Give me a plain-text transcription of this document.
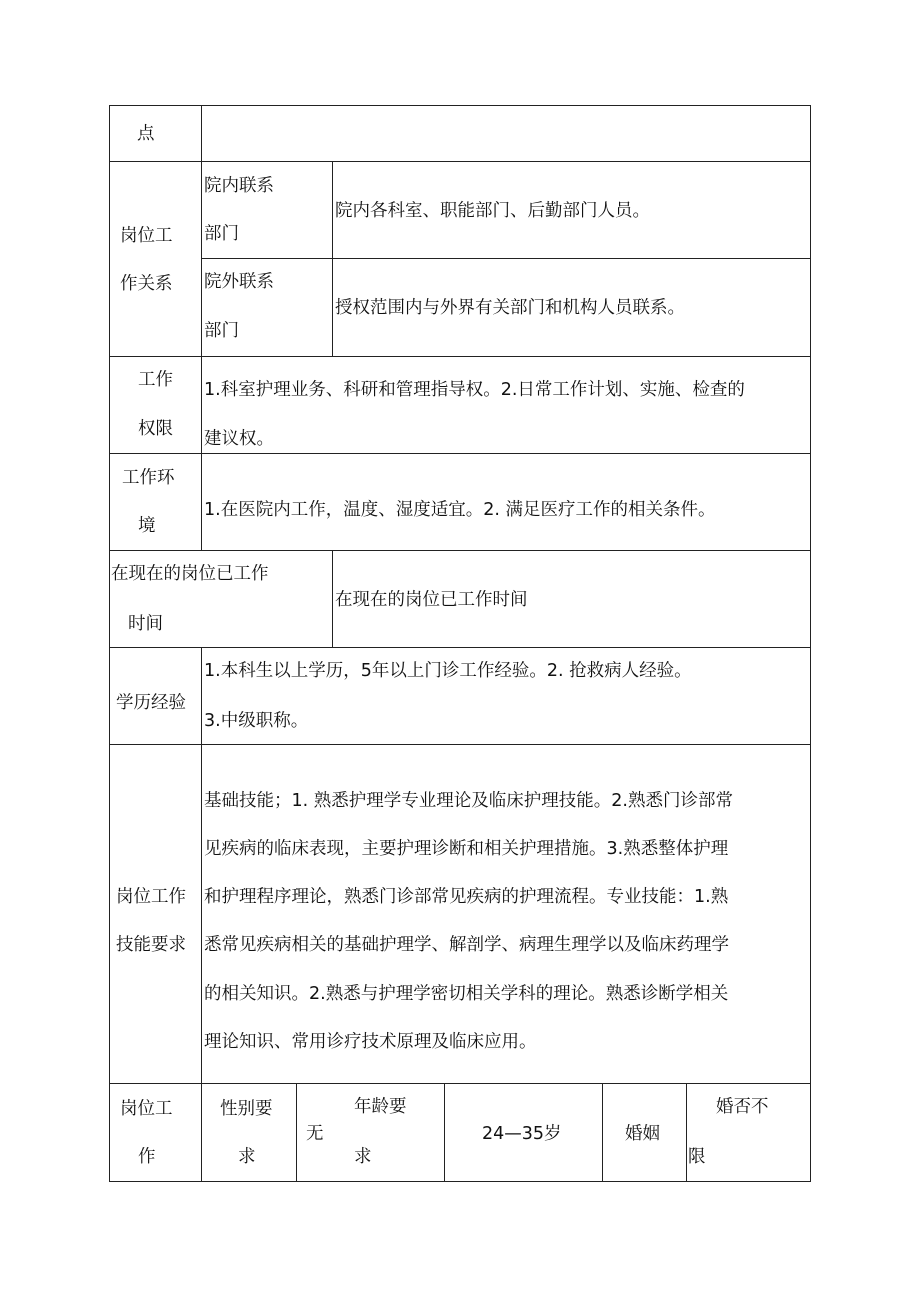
点
岗位工
作关系
院内联系
部门
院内各科室、职能部门、后勤部门人员。
院外联系
部门
授权范围内与外界有关部门和机构人员联系。
工作
权限
1.科室护理业务、科研和管理指导权。2.日常工作计划、实施、检查的
建议权。
工作环
境
1.在医院内工作，温度、湿度适宜。2. 满足医疗工作的相关条件。
在现在的岗位已工作
时间
在现在的岗位已工作时间
学历经验
1.本科生以上学历，5年以上门诊工作经验。2. 抢救病人经验。
3.中级职称。
岗位工作
技能要求
基础技能；1. 熟悉护理学专业理论及临床护理技能。2.熟悉门诊部常
见疾病的临床表现，主要护理诊断和相关护理措施。3.熟悉整体护理
和护理程序理论，熟悉门诊部常见疾病的护理流程。专业技能：1.熟
悉常见疾病相关的基础护理学、解剖学、病理生理学以及临床药理学
的相关知识。2.熟悉与护理学密切相关学科的理论。熟悉诊断学相关
理论知识、常用诊疗技术原理及临床应用。
岗位工
作
性别要
求
无
年龄要
求
24—35岁	婚姻
婚否不
限
